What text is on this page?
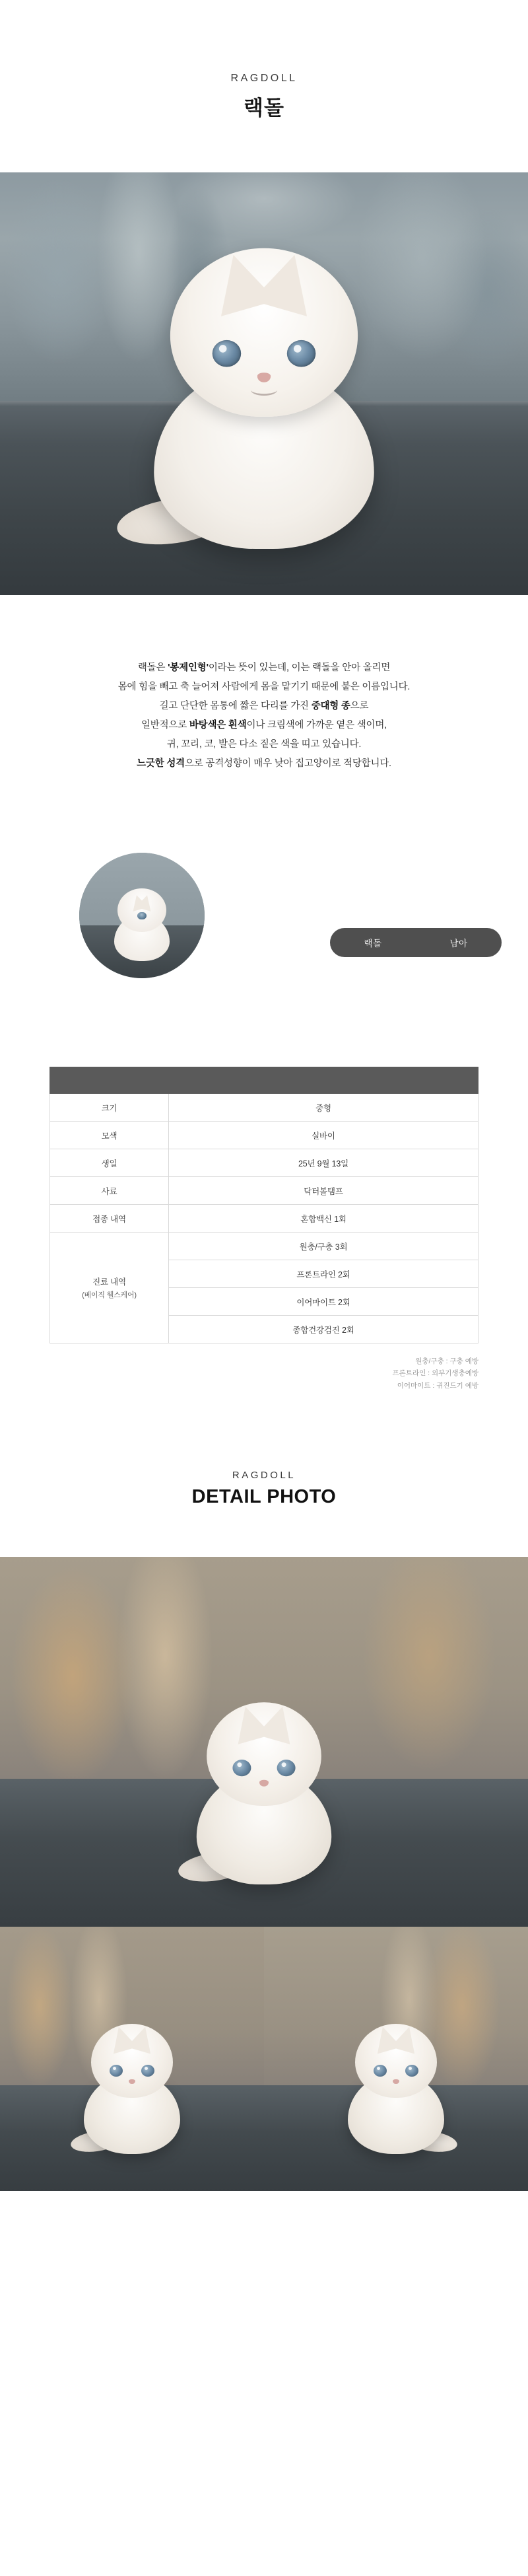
RAGDOLL
랙돌

랙돌은 '봉제인형'이라는 뜻이 있는데, 이는 랙돌을 안아 올리면
몸에 힘을 빼고 축 늘어져 사람에게 몸을 맡기기 때문에 붙은 이름입니다.
길고 단단한 몸통에 짧은 다리를 가진 중대형 종으로
일반적으로 바탕색은 흰색이나 크림색에 가까운 옅은 색이며,
귀, 꼬리, 코, 발은 다소 짙은 색을 띠고 있습니다.
느긋한 성격으로 공격성향이 매우 낮아 집고양이로 적당합니다.

랙돌	남아

크기	중형
모색	실바이
생일	25년 9월 13일
사료	닥터볼탬프
접종 내역	혼합백신 1회
진료 내역
(베이직 웰스케어)	원충/구충 3회
	프론트라인 2회
	이어마이트 2회
	종합건강검진 2회
원충/구충 : 구충 예방
프론트라인 : 외부기생충예방
이어마이트 : 귀진드기 예방
RAGDOLL
DETAIL PHOTO
